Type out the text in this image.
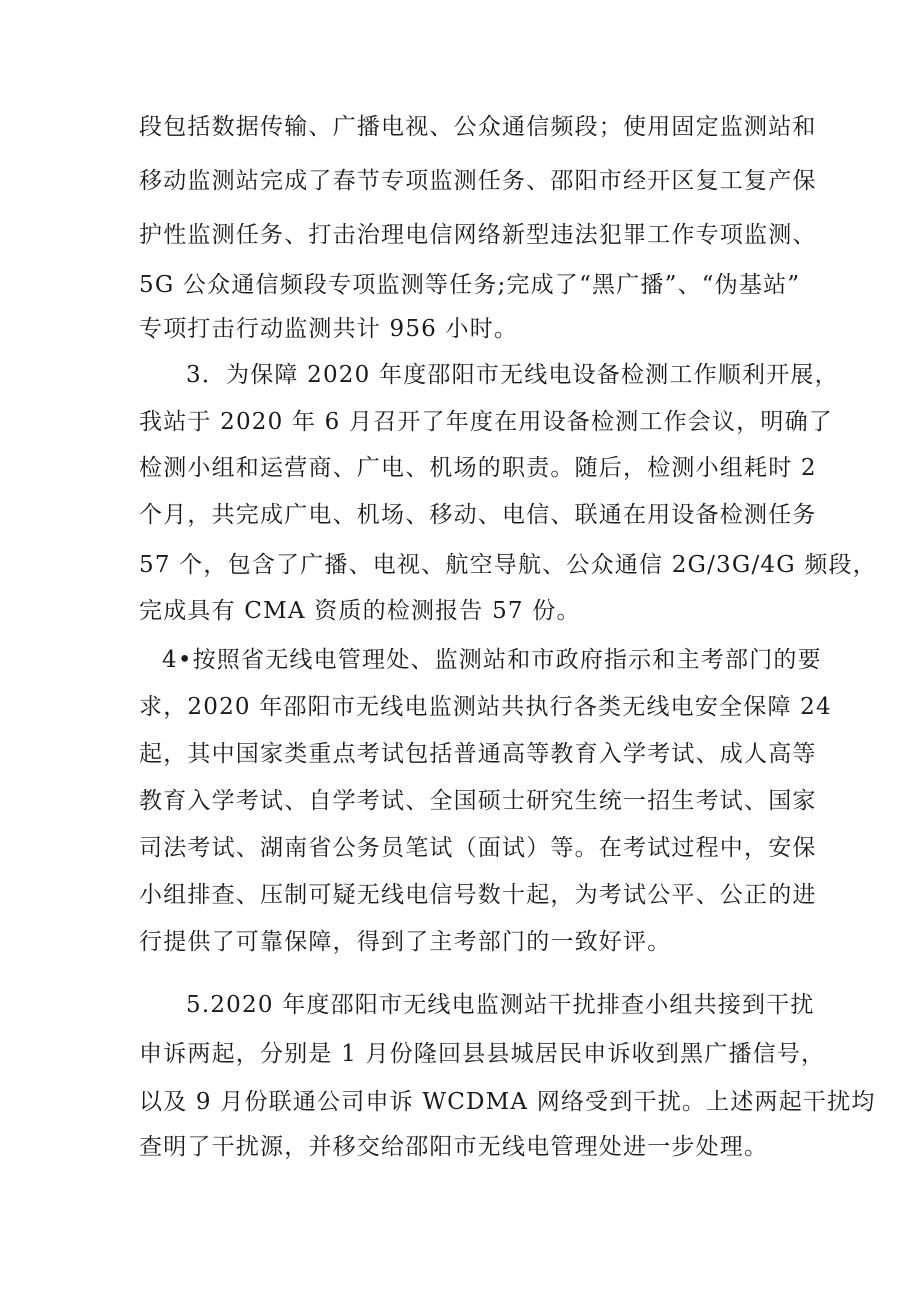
段包括数据传输、广播电视、公众通信频段；使用固定监测站和
移动监测站完成了春节专项监测任务、邵阳市经开区复工复产保
护性监测任务、打击治理电信网络新型违法犯罪工作专项监测、
5G 公众通信频段专项监测等任务;完成了“黑广播”、“伪基站”
专项打击行动监测共计 956 小时。
3．为保障 2020 年度邵阳市无线电设备检测工作顺利开展，
我站于 2020 年 6 月召开了年度在用设备检测工作会议，明确了
检测小组和运营商、广电、机场的职责。随后，检测小组耗时 2
个月，共完成广电、机场、移动、电信、联通在用设备检测任务
57 个，包含了广播、电视、航空导航、公众通信 2G/3G/4G 频段，
完成具有 CMA 资质的检测报告 57 份。
4•按照省无线电管理处、监测站和市政府指示和主考部门的要
求，2020 年邵阳市无线电监测站共执行各类无线电安全保障 24
起，其中国家类重点考试包括普通高等教育入学考试、成人高等
教育入学考试、自学考试、全国硕士研究生统一招生考试、国家
司法考试、湖南省公务员笔试（面试）等。在考试过程中，安保
小组排查、压制可疑无线电信号数十起，为考试公平、公正的进
行提供了可靠保障，得到了主考部门的一致好评。
5.2020 年度邵阳市无线电监测站干扰排查小组共接到干扰
申诉两起，分别是 1 月份隆回县县城居民申诉收到黑广播信号，
以及 9 月份联通公司申诉 WCDMA 网络受到干扰。上述两起干扰均
查明了干扰源，并移交给邵阳市无线电管理处进一步处理。
